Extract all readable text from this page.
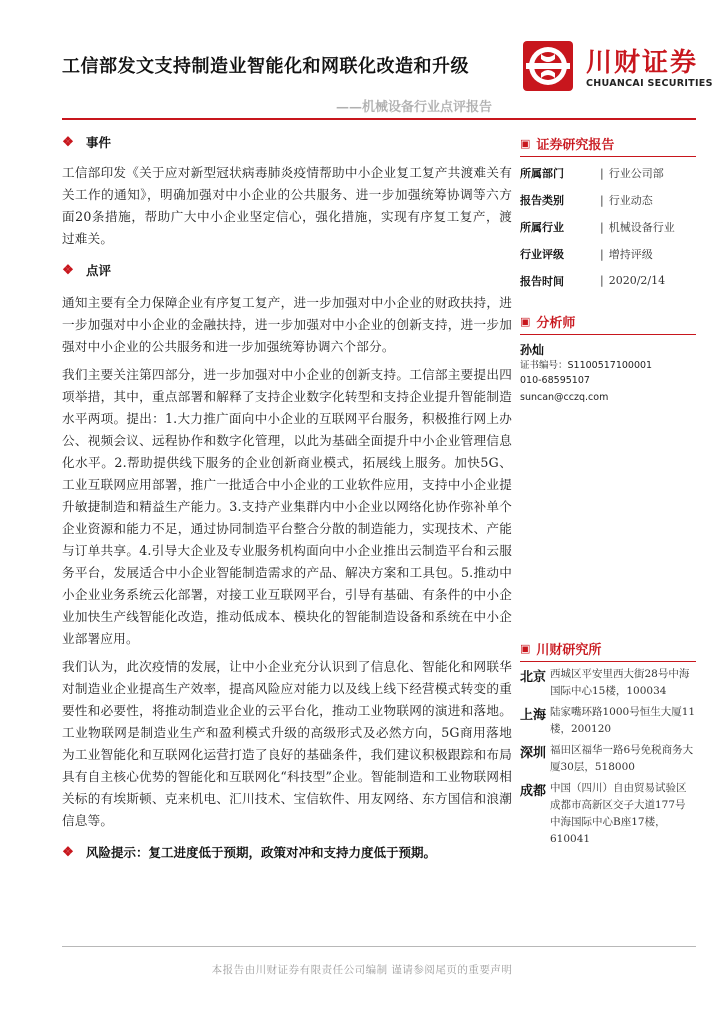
工信部发文支持制造业智能化和网联化改造和升级
——机械设备行业点评报告
川财证券
CHUANCAI SECURITIES
❖ 事件

工信部印发《关于应对新型冠状病毒肺炎疫情帮助中小企业复工复产共渡难关有关工作的通知》，明确加强对中小企业的公共服务、进一步加强统筹协调等六方面20条措施，帮助广大中小企业坚定信心，强化措施，实现有序复工复产，渡过难关。

❖ 点评

通知主要有全力保障企业有序复工复产，进一步加强对中小企业的财政扶持，进一步加强对中小企业的金融扶持，进一步加强对中小企业的创新支持，进一步加强对中小企业的公共服务和进一步加强统筹协调六个部分。

我们主要关注第四部分，进一步加强对中小企业的创新支持。工信部主要提出四项举措，其中，重点部署和解释了支持企业数字化转型和支持企业提升智能制造水平两项。提出：1.大力推广面向中小企业的互联网平台服务，积极推行网上办公、视频会议、远程协作和数字化管理，以此为基础全面提升中小企业管理信息化水平。2.帮助提供线下服务的企业创新商业模式，拓展线上服务。加快5G、工业互联网应用部署，推广一批适合中小企业的工业软件应用，支持中小企业提升敏捷制造和精益生产能力。3.支持产业集群内中小企业以网络化协作弥补单个企业资源和能力不足，通过协同制造平台整合分散的制造能力，实现技术、产能与订单共享。4.引导大企业及专业服务机构面向中小企业推出云制造平台和云服务平台，发展适合中小企业智能制造需求的产品、解决方案和工具包。5.推动中小企业业务系统云化部署，对接工业互联网平台，引导有基础、有条件的中小企业加快生产线智能化改造，推动低成本、模块化的智能制造设备和系统在中小企业部署应用。

我们认为，此次疫情的发展，让中小企业充分认识到了信息化、智能化和网联华对制造业企业提高生产效率，提高风险应对能力以及线上线下经营模式转变的重要性和必要性，将推动制造业企业的云平台化，推动工业物联网的演进和落地。工业物联网是制造业生产和盈利模式升级的高级形式及必然方向，5G商用落地为工业智能化和互联网化运营打造了良好的基础条件，我们建议积极跟踪和布局具有自主核心优势的智能化和互联网化“科技型”企业。智能制造和工业物联网相关标的有埃斯顿、克来机电、汇川技术、宝信软件、用友网络、东方国信和浪潮信息等。

❖ 风险提示： 复工进度低于预期，政策对冲和支持力度低于预期。
▣ 证券研究报告
所属部门	| 行业公司部
报告类别	| 行业动态
所属行业	| 机械设备行业
行业评级	| 增持评级
报告时间	| 2020/2/14
▣ 分析师
孙灿
证书编号：S1100517100001
010-68595107
suncan@cczq.com
▣ 川财研究所
北京 西城区平安里西大街28号中海国际中心15楼，100034
上海 陆家嘴环路1000号恒生大厦11楼，200120
深圳 福田区福华一路6号免税商务大厦30层，518000
成都 中国（四川）自由贸易试验区成都市高新区交子大道177号中海国际中心B座17楼，610041
本报告由川财证券有限责任公司编制 谨请参阅尾页的重要声明
